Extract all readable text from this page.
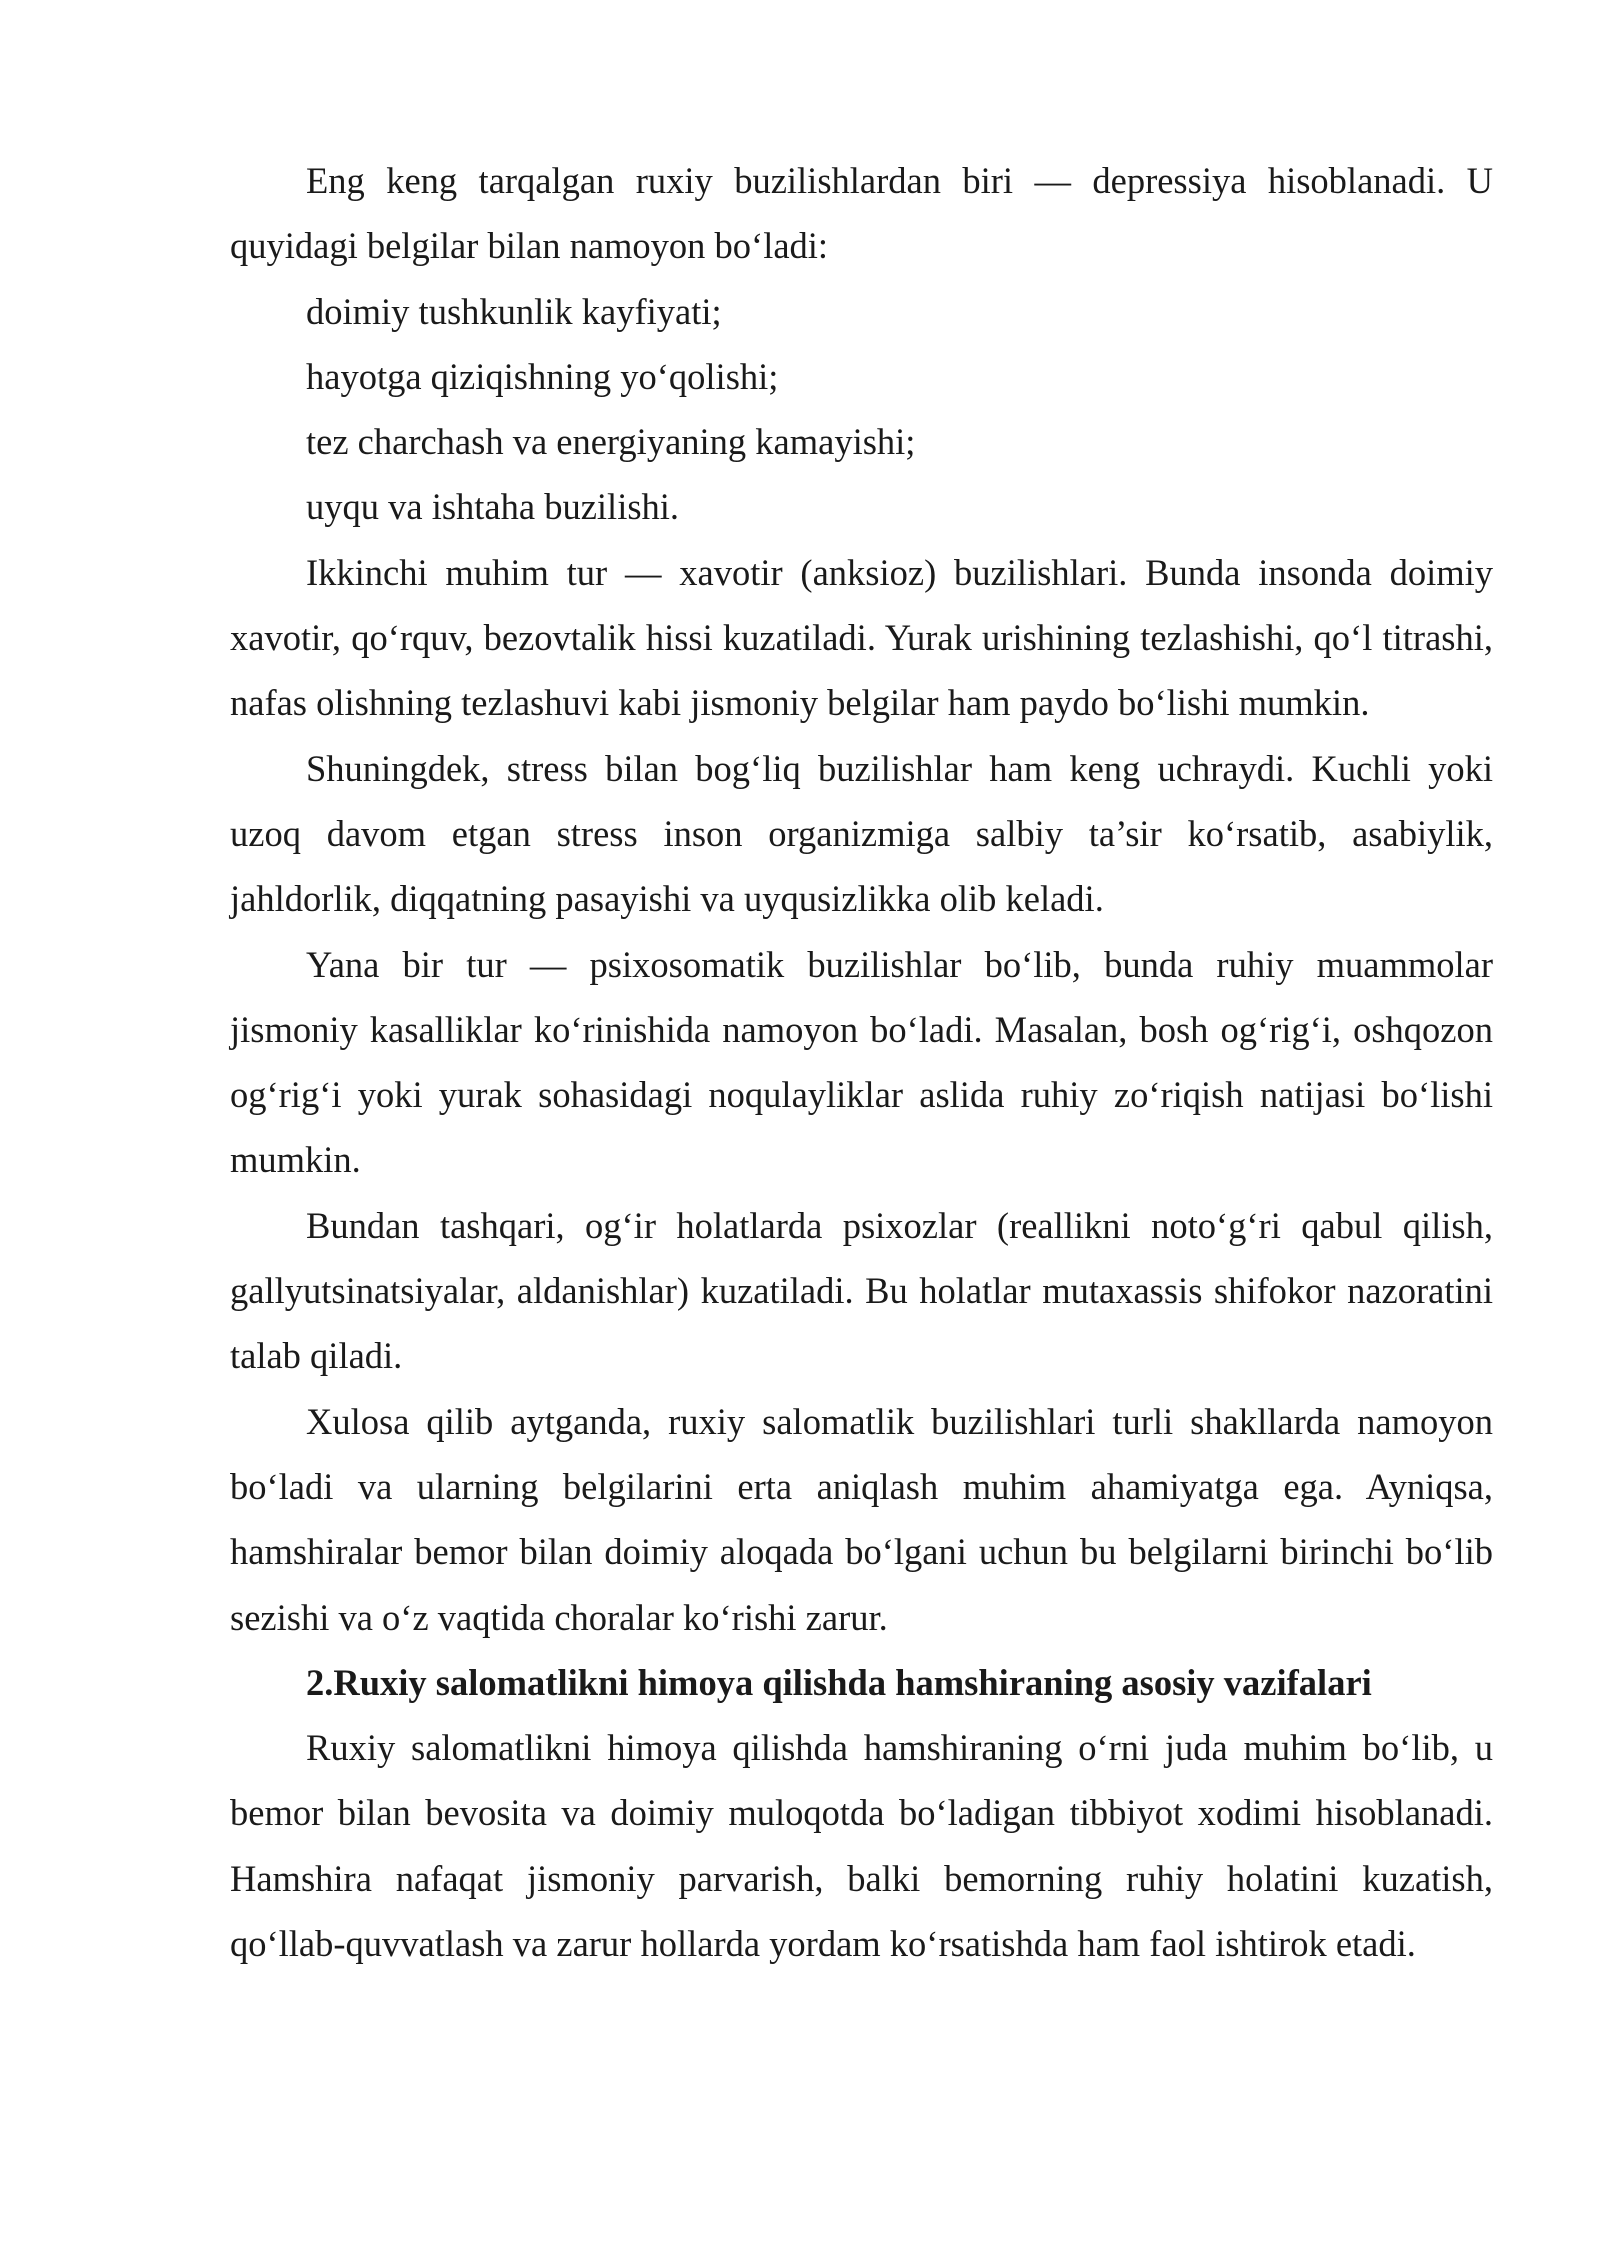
Eng keng tarqalgan ruxiy buzilishlardan biri — depressiya hisoblanadi. U quyidagi belgilar bilan namoyon bo‘ladi:

doimiy tushkunlik kayfiyati;

hayotga qiziqishning yo‘qolishi;

tez charchash va energiyaning kamayishi;

uyqu va ishtaha buzilishi.

Ikkinchi muhim tur — xavotir (anksioz) buzilishlari. Bunda insonda doimiy xavotir, qo‘rquv, bezovtalik hissi kuzatiladi. Yurak urishining tezlashishi, qo‘l titrashi, nafas olishning tezlashuvi kabi jismoniy belgilar ham paydo bo‘lishi mumkin.

Shuningdek, stress bilan bog‘liq buzilishlar ham keng uchraydi. Kuchli yoki uzoq davom etgan stress inson organizmiga salbiy ta’sir ko‘rsatib, asabiylik, jahldorlik, diqqatning pasayishi va uyqusizlikka olib keladi.

Yana bir tur — psixosomatik buzilishlar bo‘lib, bunda ruhiy muammolar jismoniy kasalliklar ko‘rinishida namoyon bo‘ladi. Masalan, bosh og‘rig‘i, oshqozon og‘rig‘i yoki yurak sohasidagi noqulayliklar aslida ruhiy zo‘riqish natijasi bo‘lishi mumkin.

Bundan tashqari, og‘ir holatlarda psixozlar (reallikni noto‘g‘ri qabul qilish, gallyutsinatsiyalar, aldanishlar) kuzatiladi. Bu holatlar mutaxassis shifokor nazoratini talab qiladi.

Xulosa qilib aytganda, ruxiy salomatlik buzilishlari turli shakllarda namoyon bo‘ladi va ularning belgilarini erta aniqlash muhim ahamiyatga ega. Ayniqsa, hamshiralar bemor bilan doimiy aloqada bo‘lgani uchun bu belgilarni birinchi bo‘lib sezishi va o‘z vaqtida choralar ko‘rishi zarur.

2.Ruxiy salomatlikni himoya qilishda hamshiraning asosiy vazifalari

Ruxiy salomatlikni himoya qilishda hamshiraning o‘rni juda muhim bo‘lib, u bemor bilan bevosita va doimiy muloqotda bo‘ladigan tibbiyot xodimi hisoblanadi. Hamshira nafaqat jismoniy parvarish, balki bemorning ruhiy holatini kuzatish, qo‘llab-quvvatlash va zarur hollarda yordam ko‘rsatishda ham faol ishtirok etadi.
